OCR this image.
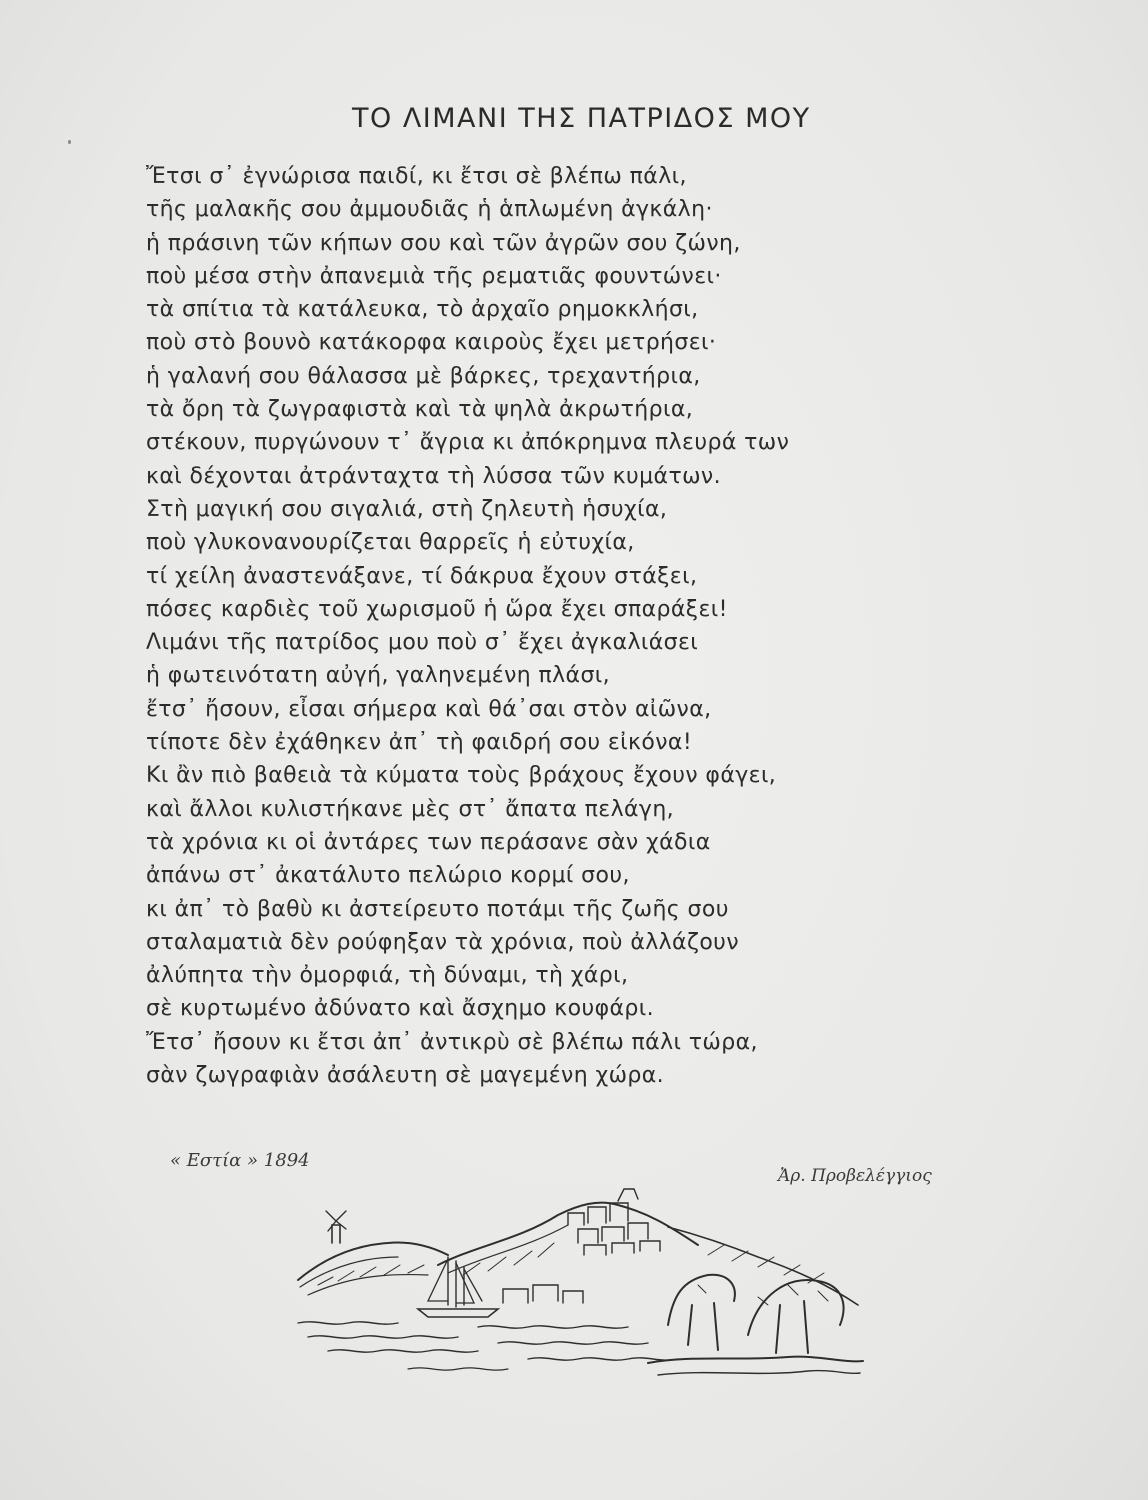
ΤΟ ΛΙΜΑΝΙ ΤΗΣ ΠΑΤΡΙΔΟΣ ΜΟΥ
Ἔτσι σ᾿ ἐγνώρισα παιδί, κι ἔτσι σὲ βλέπω πάλι,
τῆς μαλακῆς σου ἀμμουδιᾶς ἡ ἁπλωμένη ἀγκάλη·
ἡ πράσινη τῶν κήπων σου καὶ τῶν ἀγρῶν σου ζώνη,
ποὺ μέσα στὴν ἀπανεμιὰ τῆς ρεματιᾶς φουντώνει·
τὰ σπίτια τὰ κατάλευκα, τὸ ἀρχαῖο ρημοκκλήσι,
ποὺ στὸ βουνὸ κατάκορφα καιροὺς ἔχει μετρήσει·
ἡ γαλανή σου θάλασσα μὲ βάρκες, τρεχαντήρια,
τὰ ὄρη τὰ ζωγραφιστὰ καὶ τὰ ψηλὰ ἀκρωτήρια,
στέκουν, πυργώνουν τ᾿ ἄγρια κι ἀπόκρημνα πλευρά των
καὶ δέχονται ἀτράνταχτα τὴ λύσσα τῶν κυμάτων.
Στὴ μαγική σου σιγαλιά, στὴ ζηλευτὴ ἡσυχία,
ποὺ γλυκονανουρίζεται θαρρεῖς ἡ εὐτυχία,
τί χείλη ἀναστενάξανε, τί δάκρυα ἔχουν στάξει,
πόσες καρδιὲς τοῦ χωρισμοῦ ἡ ὥρα ἔχει σπαράξει!
Λιμάνι τῆς πατρίδος μου ποὺ σ᾿ ἔχει ἀγκαλιάσει
ἡ φωτεινότατη αὐγή, γαληνεμένη πλάσι,
ἔτσ᾿ ἤσουν, εἶσαι σήμερα καὶ θά᾿σαι στὸν αἰῶνα,
τίποτε δὲν ἐχάθηκεν ἀπ᾿ τὴ φαιδρή σου εἰκόνα!
Κι ἂν πιὸ βαθειὰ τὰ κύματα τοὺς βράχους ἔχουν φάγει,
καὶ ἄλλοι κυλιστήκανε μὲς στ᾿ ἄπατα πελάγη,
τὰ χρόνια κι οἱ ἀντάρες των περάσανε σὰν χάδια
ἀπάνω στ᾿ ἀκατάλυτο πελώριο κορμί σου,
κι ἀπ᾿ τὸ βαθὺ κι ἀστείρευτο ποτάμι τῆς ζωῆς σου
σταλαματιὰ δὲν ρούφηξαν τὰ χρόνια, ποὺ ἀλλάζουν
ἀλύπητα τὴν ὀμορφιά, τὴ δύναμι, τὴ χάρι,
σὲ κυρτωμένο ἀδύνατο καὶ ἄσχημο κουφάρι.
Ἔτσ᾿ ἤσουν κι ἔτσι ἀπ᾿ ἀντικρὺ σὲ βλέπω πάλι τώρα,
σὰν ζωγραφιὰν ἀσάλευτη σὲ μαγεμένη χώρα.
« Εστία » 1894
Ἀρ. Προβελέγγιος
